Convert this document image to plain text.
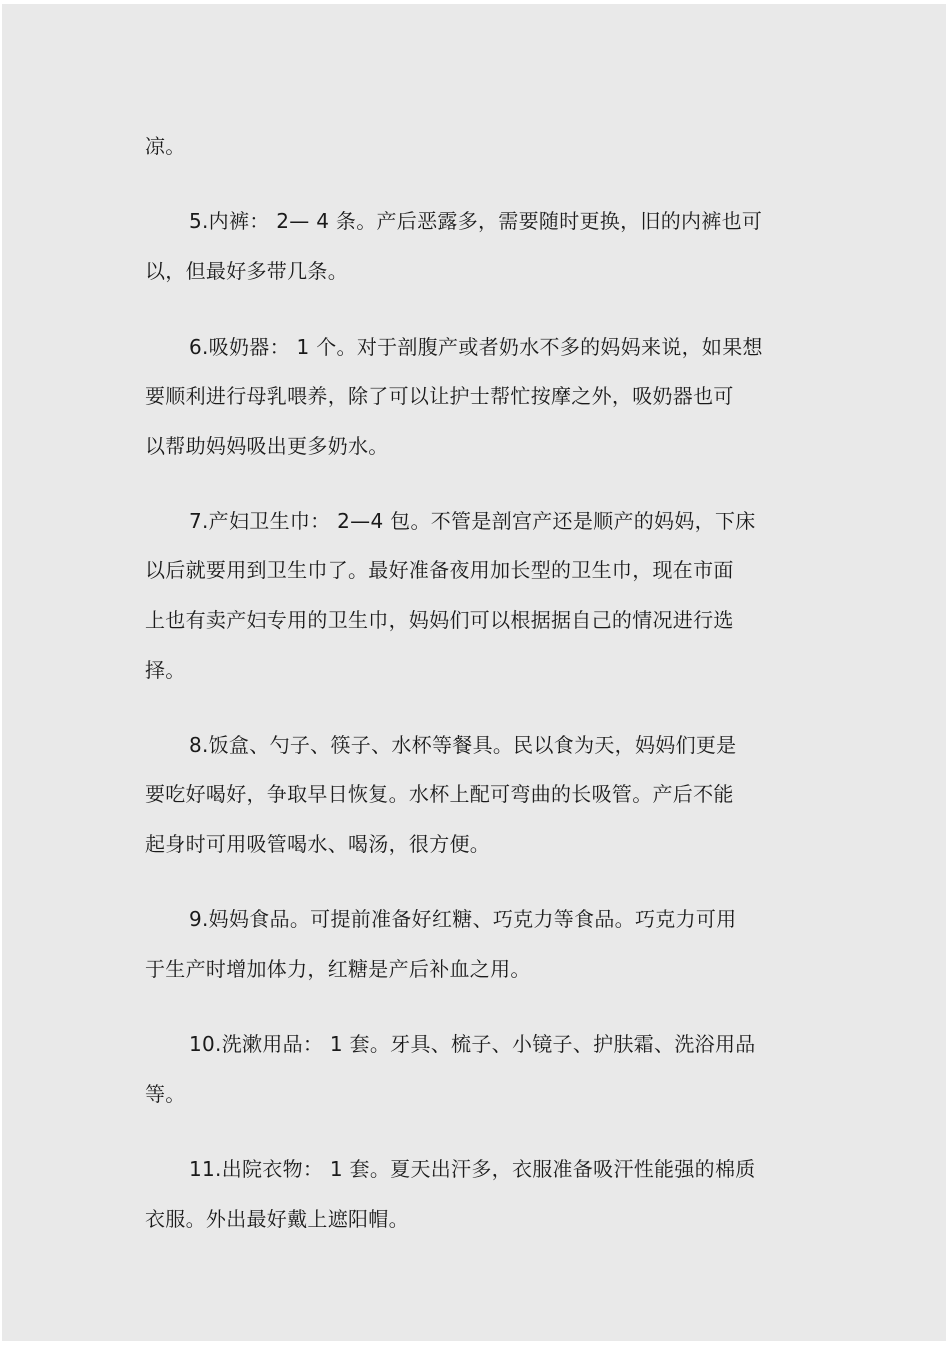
凉。

5.内裤： 2— 4 条。产后恶露多，需要随时更换，旧的内裤也可

以，但最好多带几条。

6.吸奶器： 1 个。对于剖腹产或者奶水不多的妈妈来说，如果想

要顺利进行母乳喂养，除了可以让护士帮忙按摩之外，吸奶器也可

以帮助妈妈吸出更多奶水。

7.产妇卫生巾： 2—4 包。不管是剖宫产还是顺产的妈妈，下床

以后就要用到卫生巾了。最好准备夜用加长型的卫生巾，现在市面

上也有卖产妇专用的卫生巾，妈妈们可以根据据自己的情况进行选

择。

8.饭盒、勺子、筷子、水杯等餐具。民以食为天，妈妈们更是

要吃好喝好，争取早日恢复。水杯上配可弯曲的长吸管。产后不能

起身时可用吸管喝水、喝汤，很方便。

9.妈妈食品。可提前准备好红糖、巧克力等食品。巧克力可用

于生产时增加体力，红糖是产后补血之用。

10.洗漱用品： 1 套。牙具、梳子、小镜子、护肤霜、洗浴用品

等。

11.出院衣物： 1 套。夏天出汗多，衣服准备吸汗性能强的棉质

衣服。外出最好戴上遮阳帽。
